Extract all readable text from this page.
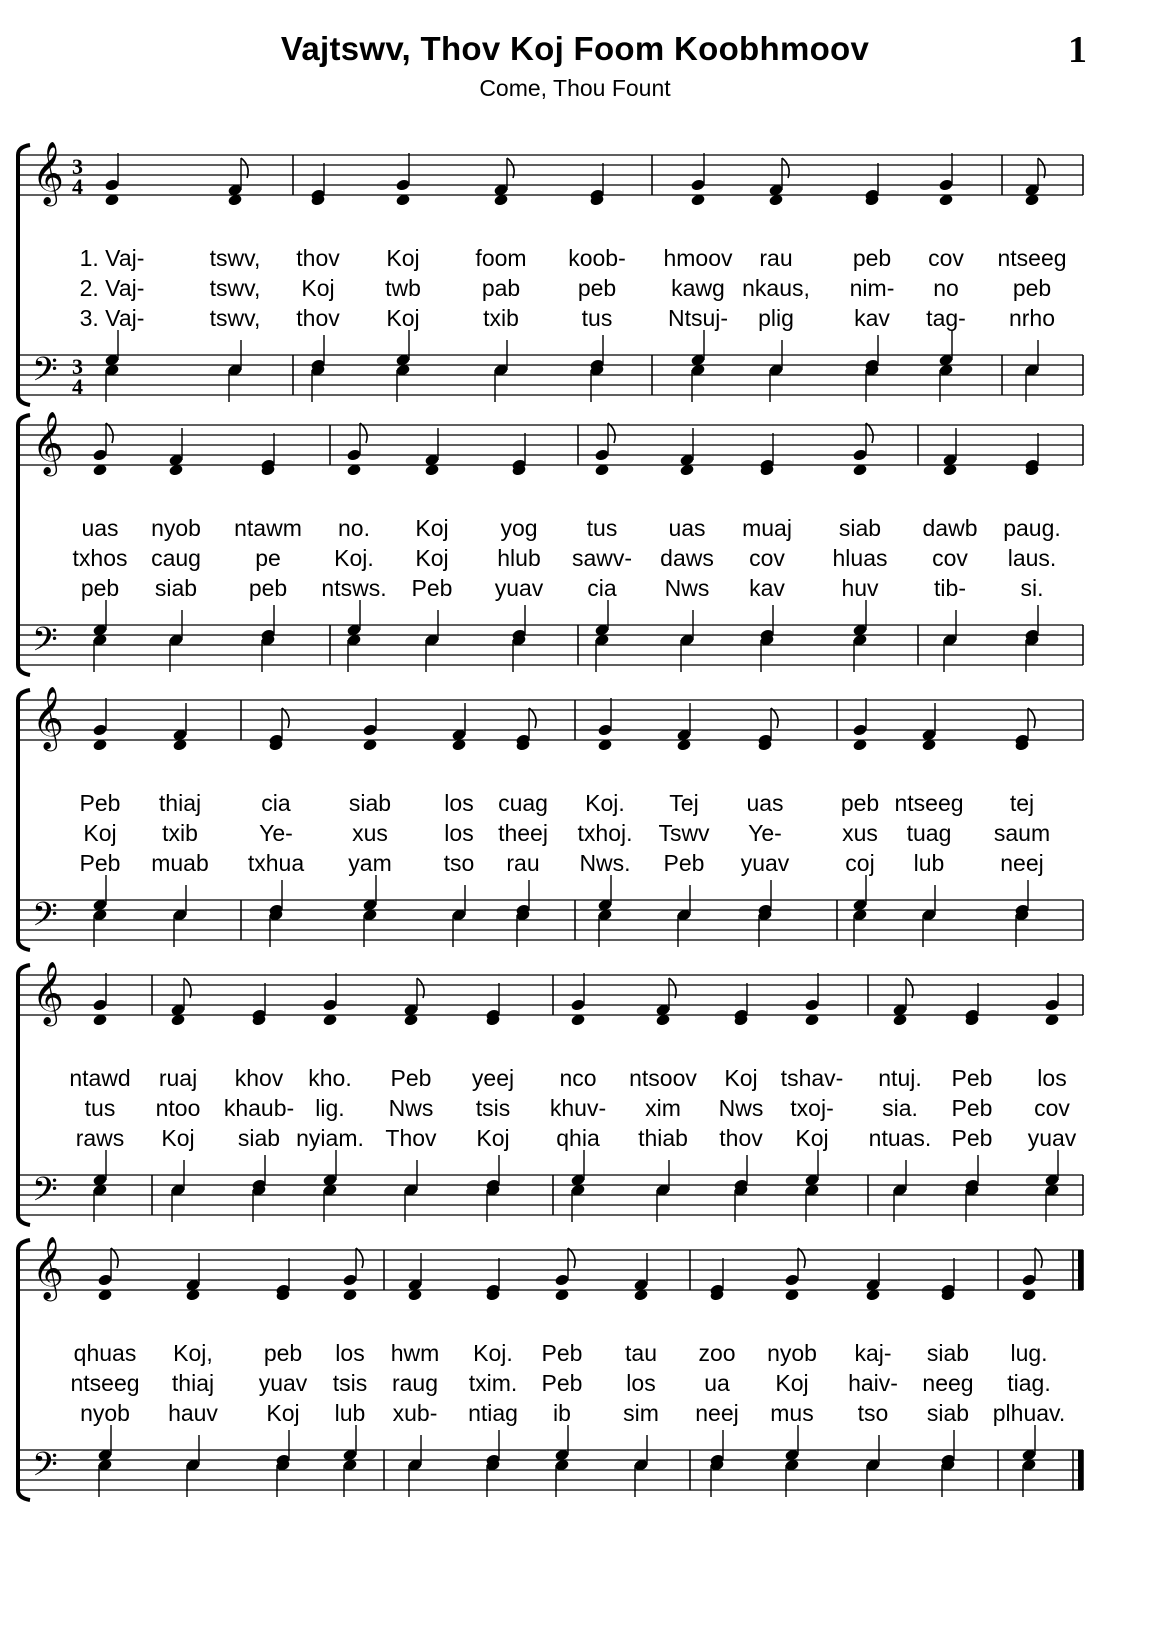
Vajtswv, Thov Koj Foom Koobhmoov
Come, Thou Fount
1
𝄞 3
4
𝄢 3
4
1. Vaj-	tswv, thov Koj foom koob- hmoov rau	peb cov ntseeg
2. Vaj-	tswv, Koj twb	pab	peb kawg nkaus, nim- no peb
3. Vaj-	tswv, thov Koj	txib	tus Ntsuj- plig	kav tag- nrho
𝄞
𝄢
uas nyob ntawm no. Koj yog tus uas muaj siab dawb paug.
txhos caug pe Koj. Koj hlub sawv- daws cov hluas cov laus.
peb siab peb ntsws. Peb yuav cia Nws kav huv tib- si.
𝄞
𝄢
Peb thiaj	cia	siab los cuag Koj. Tej uas peb ntseeg tej
Koj txib	Ye-	xus los theej txhoj. Tswv Ye-	xus tuag saum
Peb muab txhua yam tso rau Nws. Peb yuav coj lub neej
𝄞
𝄢
ntawd ruaj khov kho. Peb yeej nco ntsoov Koj tshav- ntuj. Peb los
tus ntoo khaub- lig. Nws tsis khuv- xim Nws txoj- sia. Peb cov
raws Koj siab nyiam. Thov Koj qhia thiab thov Koj ntuas. Peb yuav
𝄞
𝄢
qhuas Koj, peb los hwm Koj. Peb tau zoo nyob kaj- siab lug.
ntseeg thiaj yuav tsis raug txim. Peb los ua Koj haiv- neeg tiag.
nyob hauv Koj lub xub- ntiag ib sim neej mus tso siab plhuav.
